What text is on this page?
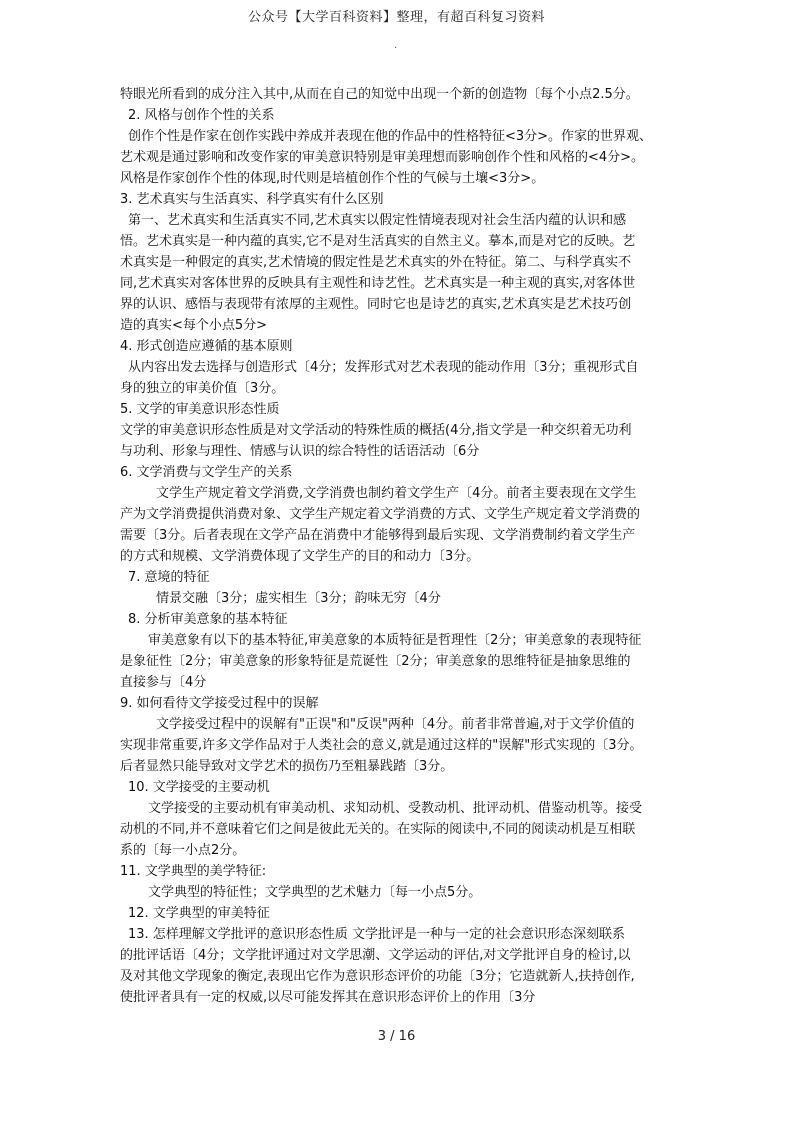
公众号【大学百科资料】整理，有超百科复习资料
.
特眼光所看到的成分注入其中,从而在自己的知觉中出现一个新的创造物〔每个小点2.5分。
2. 风格与创作个性的关系
创作个性是作家在创作实践中养成并表现在他的作品中的性格特征<3分>。作家的世界观、
艺术观是通过影响和改变作家的审美意识特别是审美理想而影响创作个性和风格的<4分>。
风格是作家创作个性的体现,时代则是培植创作个性的气候与土壤<3分>。
3. 艺术真实与生活真实、科学真实有什么区别
第一、艺术真实和生活真实不同,艺术真实以假定性情境表现对社会生活内蕴的认识和感
悟。艺术真实是一种内蕴的真实,它不是对生活真实的自然主义。摹本,而是对它的反映。艺
术真实是一种假定的真实,艺术情境的假定性是艺术真实的外在特征。第二、与科学真实不
同,艺术真实对客体世界的反映具有主观性和诗艺性。艺术真实是一种主观的真实,对客体世
界的认识、感悟与表现带有浓厚的主观性。同时它也是诗艺的真实,艺术真实是艺术技巧创
造的真实<每个小点5分>
4. 形式创造应遵循的基本原则
从内容出发去选择与创造形式〔4分；发挥形式对艺术表现的能动作用〔3分；重视形式自
身的独立的审美价值〔3分。
5. 文学的审美意识形态性质
文学的审美意识形态性质是对文学活动的特殊性质的概括(4分,指文学是一种交织着无功利
与功利、形象与理性、情感与认识的综合特性的话语活动〔6分
6. 文学消费与文学生产的关系
文学生产规定着文学消费,文学消费也制约着文学生产〔4分。前者主要表现在文学生
产为文学消费提供消费对象、文学生产规定着文学消费的方式、文学生产规定着文学消费的
需要〔3分。后者表现在文学产品在消费中才能够得到最后实现、文学消费制约着文学生产
的方式和规模、文学消费体现了文学生产的目的和动力〔3分。
7. 意境的特征
情景交融〔3分；虚实相生〔3分；韵味无穷〔4分
8. 分析审美意象的基本特征
审美意象有以下的基本特征,审美意象的本质特征是哲理性〔2分；审美意象的表现特征
是象征性〔2分；审美意象的形象特征是荒诞性〔2分；审美意象的思维特征是抽象思维的
直接参与〔4分
9. 如何看待文学接受过程中的误解
文学接受过程中的误解有"正误"和"反误"两种〔4分。前者非常普遍,对于文学价值的
实现非常重要,许多文学作品对于人类社会的意义,就是通过这样的"误解"形式实现的〔3分。
后者显然只能导致对文学艺术的损伤乃至粗暴践踏〔3分。
10. 文学接受的主要动机
文学接受的主要动机有审美动机、求知动机、受教动机、批评动机、借鉴动机等。接受
动机的不同,并不意味着它们之间是彼此无关的。在实际的阅读中,不同的阅读动机是互相联
系的〔每一小点2分。
11. 文学典型的美学特征:
文学典型的特征性；文学典型的艺术魅力〔每一小点5分。
12. 文学典型的审美特征
13. 怎样理解文学批评的意识形态性质 文学批评是一种与一定的社会意识形态深刻联系
的批评话语〔4分；文学批评通过对文学思潮、文学运动的评估,对文学批评自身的检讨,以
及对其他文学现象的衡定,表现出它作为意识形态评价的功能〔3分；它造就新人,扶持创作,
使批评者具有一定的权威,以尽可能发挥其在意识形态评价上的作用〔3分
3 / 16
